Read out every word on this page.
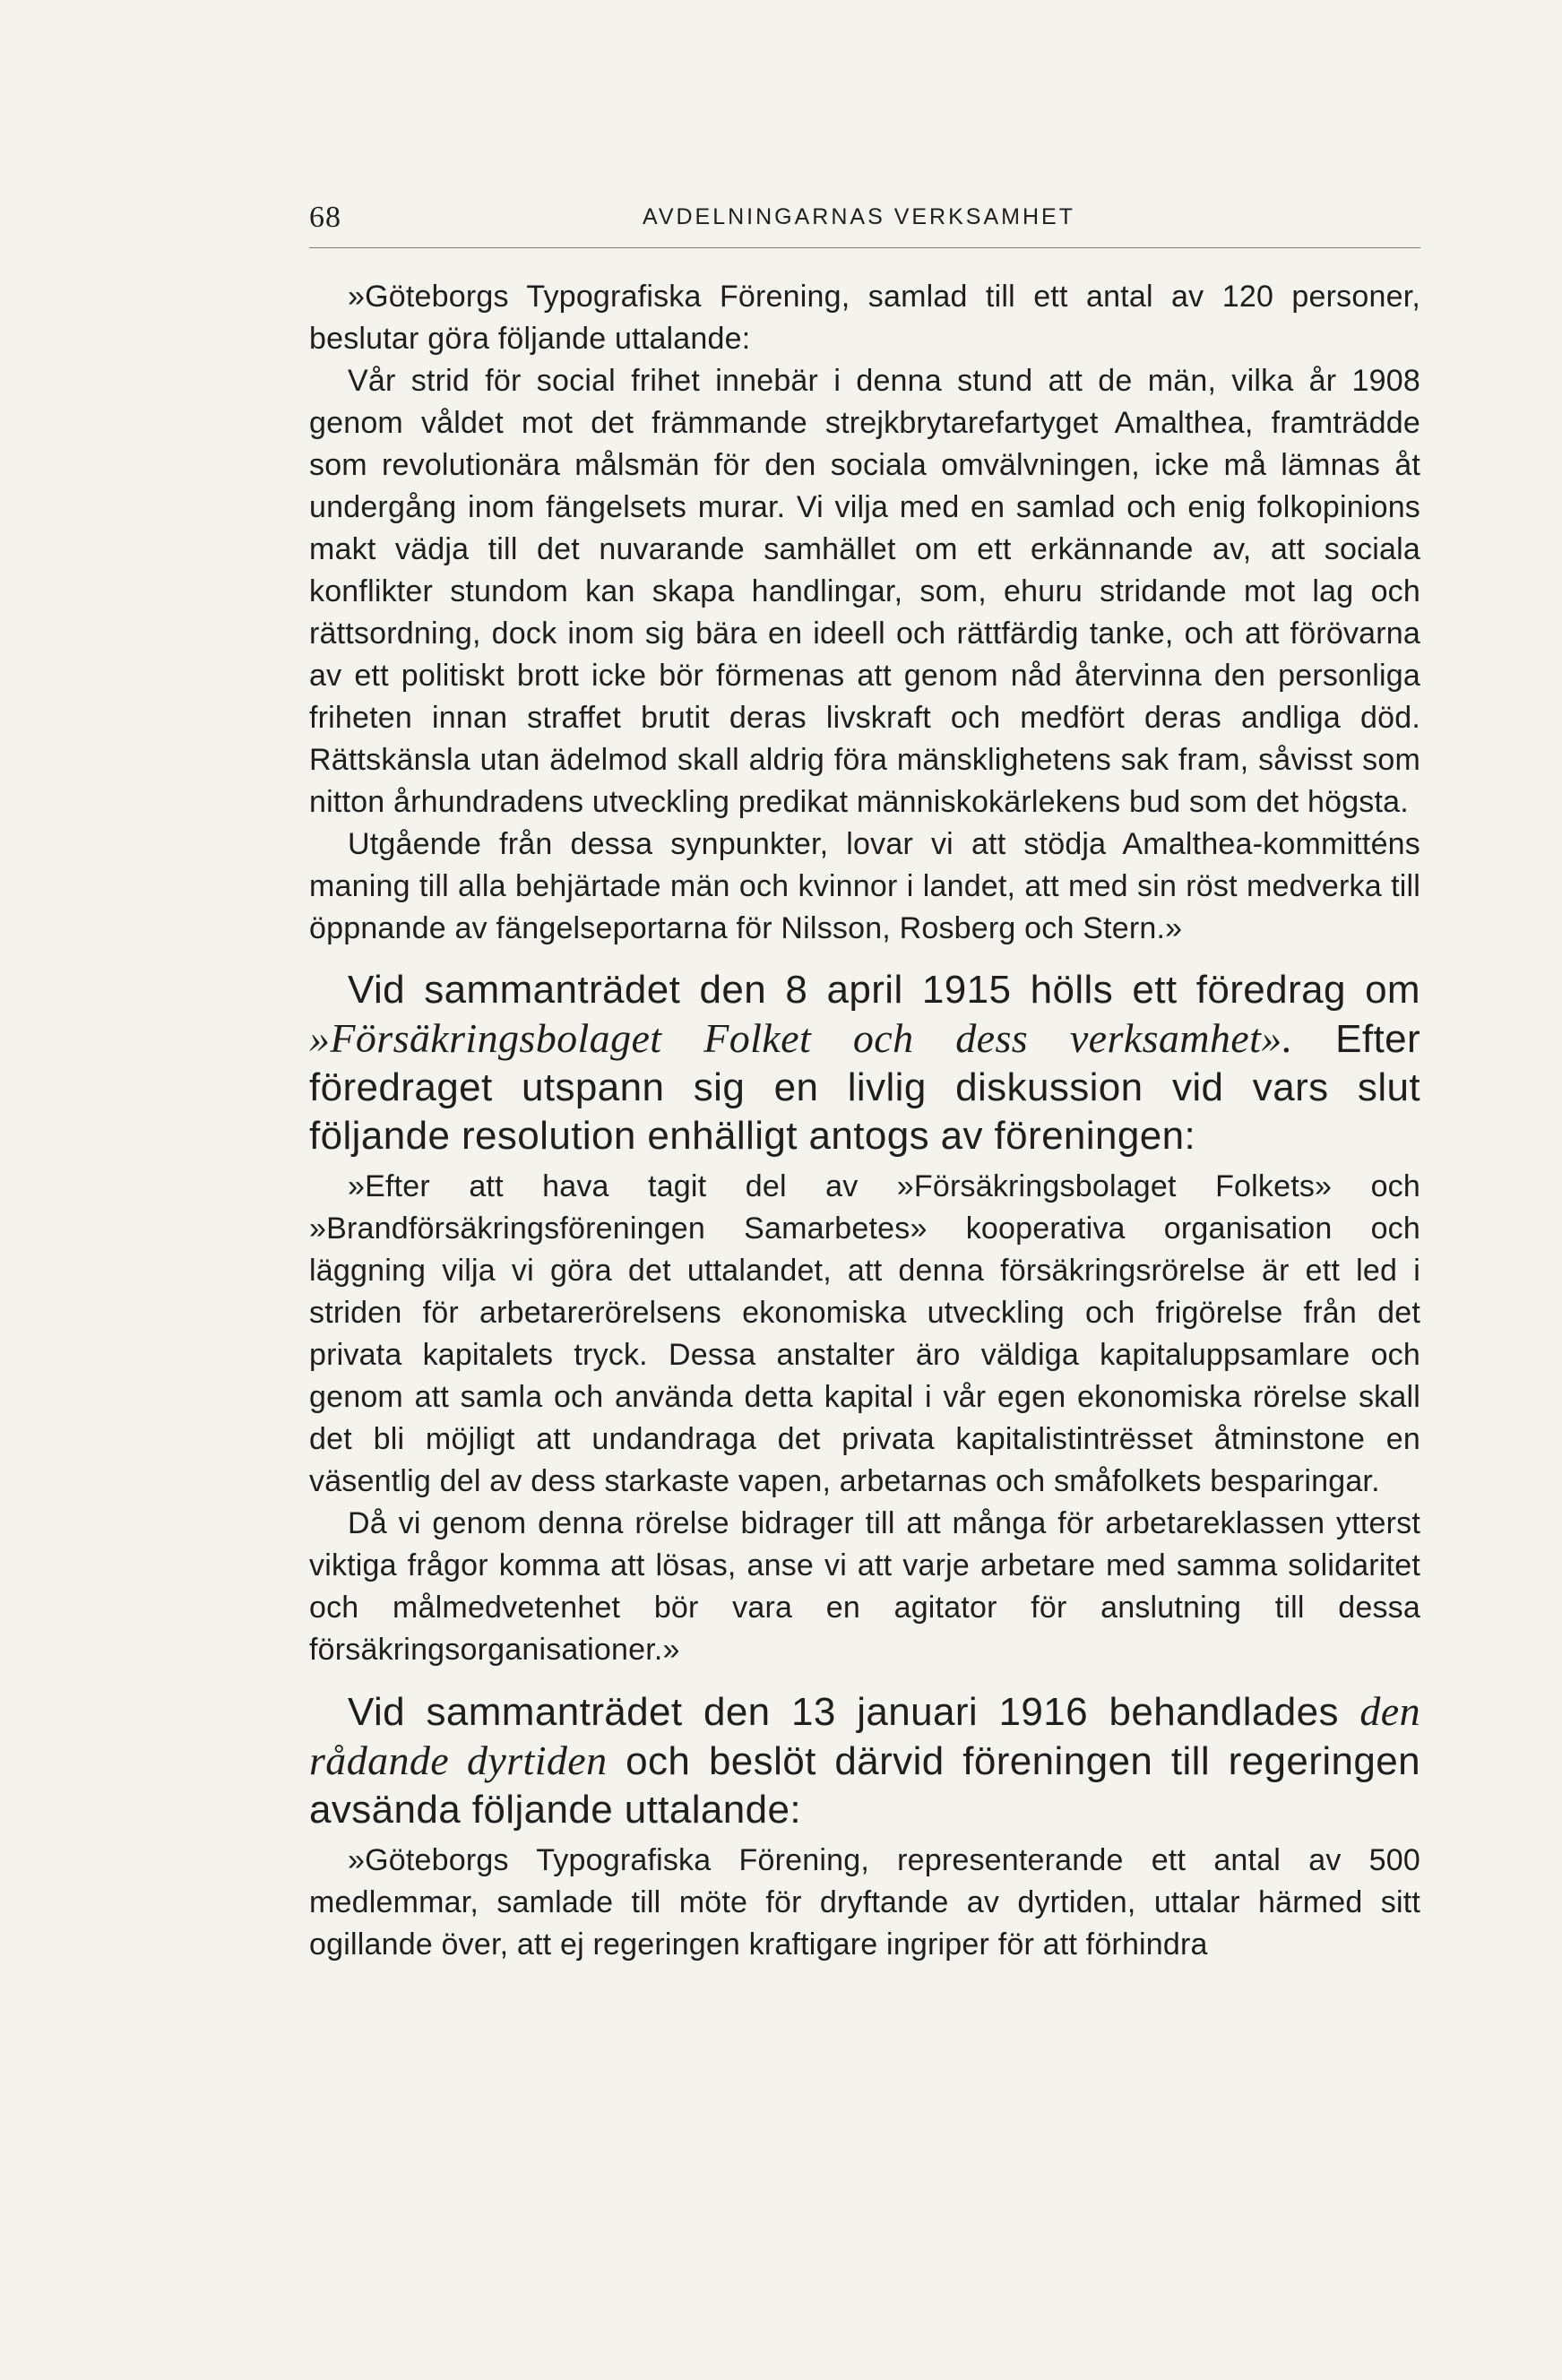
68	AVDELNINGARNAS VERKSAMHET

»Göteborgs Typografiska Förening, samlad till ett antal av 120 personer, beslutar göra följande uttalande:

Vår strid för social frihet innebär i denna stund att de män, vilka år 1908 genom våldet mot det främmande strejkbrytarefartyget Amalthea, framträdde som revolutionära målsmän för den sociala omvälvningen, icke må lämnas åt undergång inom fängelsets murar. Vi vilja med en samlad och enig folkopinions makt vädja till det nuvarande samhället om ett erkännande av, att sociala konflikter stundom kan skapa handlingar, som, ehuru stridande mot lag och rättsordning, dock inom sig bära en ideell och rättfärdig tanke, och att förövarna av ett politiskt brott icke bör förmenas att genom nåd återvinna den personliga friheten innan straffet brutit deras livskraft och medfört deras andliga död. Rättskänsla utan ädelmod skall aldrig föra mänsklighetens sak fram, såvisst som nitton århundradens utveckling predikat människokärlekens bud som det högsta.

Utgående från dessa synpunkter, lovar vi att stödja Amalthea-kommitténs maning till alla behjärtade män och kvinnor i landet, att med sin röst medverka till öppnande av fängelseportarna för Nilsson, Rosberg och Stern.»

Vid sammanträdet den 8 april 1915 hölls ett föredrag om »Försäkringsbolaget Folket och dess verksamhet». Efter föredraget utspann sig en livlig diskussion vid vars slut följande resolution enhälligt antogs av föreningen:

»Efter att hava tagit del av »Försäkringsbolaget Folkets» och »Brandförsäkringsföreningen Samarbetes» kooperativa organisation och läggning vilja vi göra det uttalandet, att denna försäkringsrörelse är ett led i striden för arbetarerörelsens ekonomiska utveckling och frigörelse från det privata kapitalets tryck. Dessa anstalter äro väldiga kapitaluppsamlare och genom att samla och använda detta kapital i vår egen ekonomiska rörelse skall det bli möjligt att undandraga det privata kapitalistintrësset åtminstone en väsentlig del av dess starkaste vapen, arbetarnas och småfolkets besparingar.

Då vi genom denna rörelse bidrager till att många för arbetareklassen ytterst viktiga frågor komma att lösas, anse vi att varje arbetare med samma solidaritet och målmedvetenhet bör vara en agitator för anslutning till dessa försäkringsorganisationer.»

Vid sammanträdet den 13 januari 1916 behandlades den rådande dyrtiden och beslöt därvid föreningen till regeringen avsända följande uttalande:

»Göteborgs Typografiska Förening, representerande ett antal av 500 medlemmar, samlade till möte för dryftande av dyrtiden, uttalar härmed sitt ogillande över, att ej regeringen kraftigare ingriper för att förhindra
